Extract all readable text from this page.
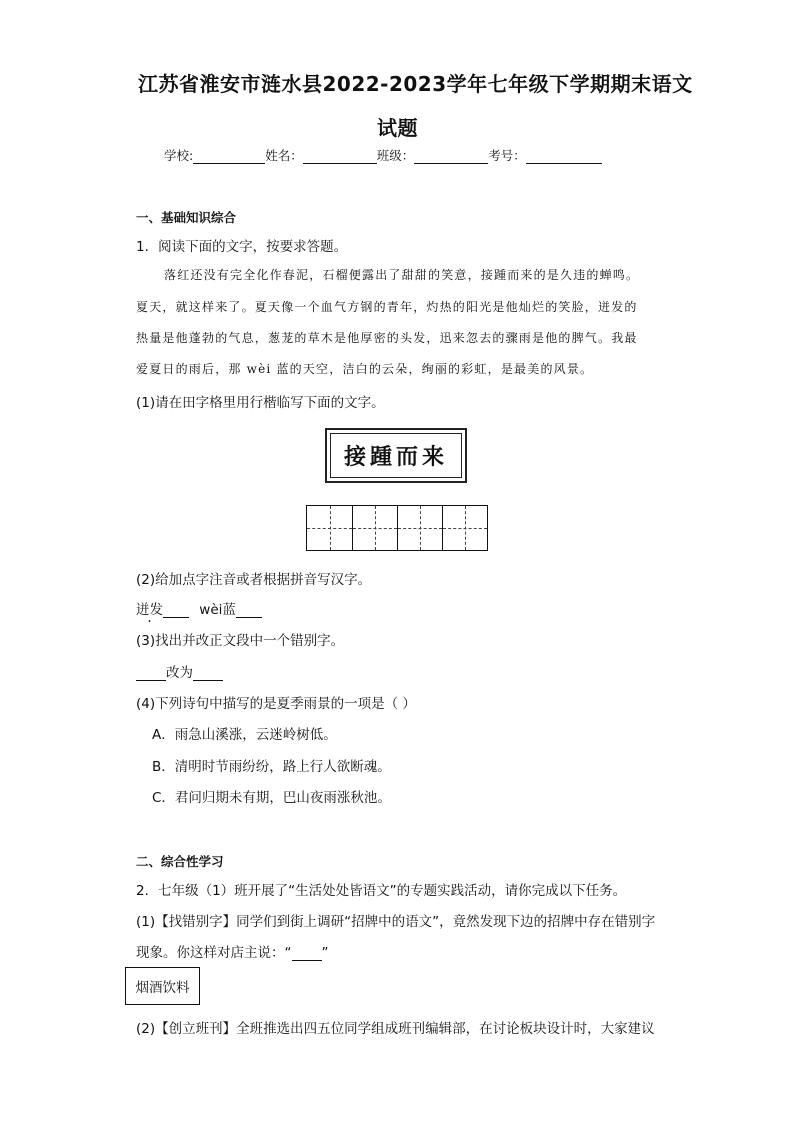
江苏省淮安市涟水县2022-2023学年七年级下学期期末语文
试题
学校:	姓名：	班级：	考号：
一、基础知识综合
1．阅读下面的文字，按要求答题。
落红还没有完全化作春泥，石榴便露出了甜甜的笑意，接踵而来的是久违的蝉鸣。
夏天，就这样来了。夏天像一个血气方钢的青年，灼热的阳光是他灿烂的笑脸，迸发的
热量是他蓬勃的气息，葱茏的草木是他厚密的头发，迅来忽去的骤雨是他的脾气。我最
爱夏日的雨后，那 wèi 蓝的天空，洁白的云朵，绚丽的彩虹，是最美的风景。
(1)请在田字格里用行楷临写下面的文字。
接踵而来
(2)给加点字注音或者根据拼音写汉字。
迸发	wèi蓝
(3)找出并改正文段中一个错别字。
改为
(4)下列诗句中描写的是夏季雨景的一项是（ ）
A．雨急山溪涨，云迷岭树低。
B．清明时节雨纷纷，路上行人欲断魂。
C．君问归期未有期，巴山夜雨涨秋池。
二、综合性学习
2．七年级（1）班开展了“生活处处皆语文”的专题实践活动，请你完成以下任务。
(1)【找错别字】同学们到街上调研“招牌中的语文”，竟然发现下边的招牌中存在错别字
现象。你这样对店主说：“ ”
烟酒饮料
(2)【创立班刊】全班推选出四五位同学组成班刊编辑部，在讨论板块设计时，大家建议
